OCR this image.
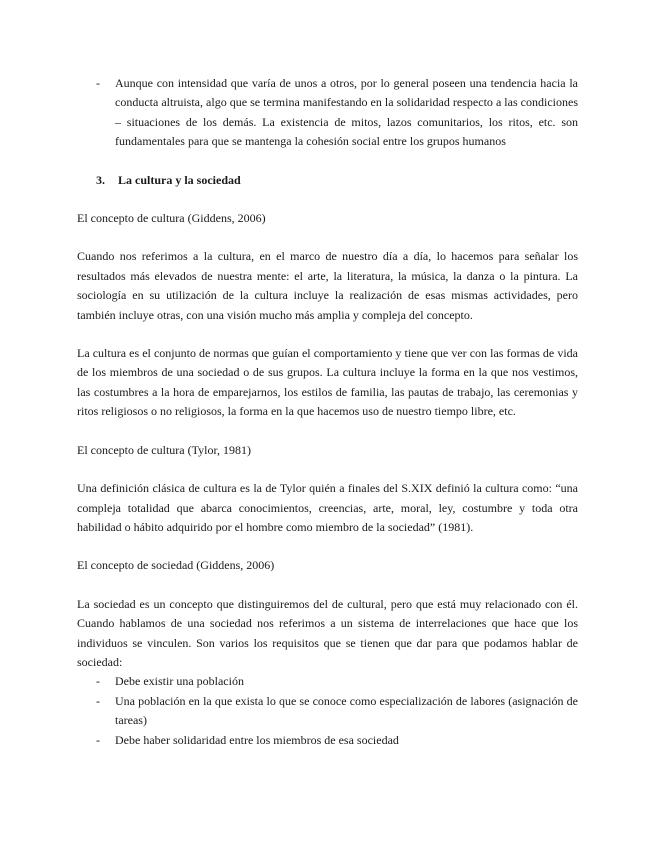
- Aunque con intensidad que varía de unos a otros, por lo general poseen una tendencia hacia la conducta altruista, algo que se termina manifestando en la solidaridad respecto a las condiciones – situaciones de los demás. La existencia de mitos, lazos comunitarios, los ritos, etc. son fundamentales para que se mantenga la cohesión social entre los grupos humanos
3. La cultura y la sociedad

El concepto de cultura (Giddens, 2006)

Cuando nos referimos a la cultura, en el marco de nuestro día a día, lo hacemos para señalar los resultados más elevados de nuestra mente: el arte, la literatura, la música, la danza o la pintura. La sociología en su utilización de la cultura incluye la realización de esas mismas actividades, pero también incluye otras, con una visión mucho más amplia y compleja del concepto.

La cultura es el conjunto de normas que guían el comportamiento y tiene que ver con las formas de vida de los miembros de una sociedad o de sus grupos. La cultura incluye la forma en la que nos vestimos, las costumbres a la hora de emparejarnos, los estilos de familia, las pautas de trabajo, las ceremonias y ritos religiosos o no religiosos, la forma en la que hacemos uso de nuestro tiempo libre, etc.

El concepto de cultura (Tylor, 1981)

Una definición clásica de cultura es la de Tylor quién a finales del S.XIX definió la cultura como: “una compleja totalidad que abarca conocimientos, creencias, arte, moral, ley, costumbre y toda otra habilidad o hábito adquirido por el hombre como miembro de la sociedad” (1981).

El concepto de sociedad (Giddens, 2006)

La sociedad es un concepto que distinguiremos del de cultural, pero que está muy relacionado con él. Cuando hablamos de una sociedad nos referimos a un sistema de interrelaciones que hace que los individuos se vinculen. Son varios los requisitos que se tienen que dar para que podamos hablar de sociedad:

- Debe existir una población
- Una población en la que exista lo que se conoce como especialización de labores (asignación de tareas)
- Debe haber solidaridad entre los miembros de esa sociedad
